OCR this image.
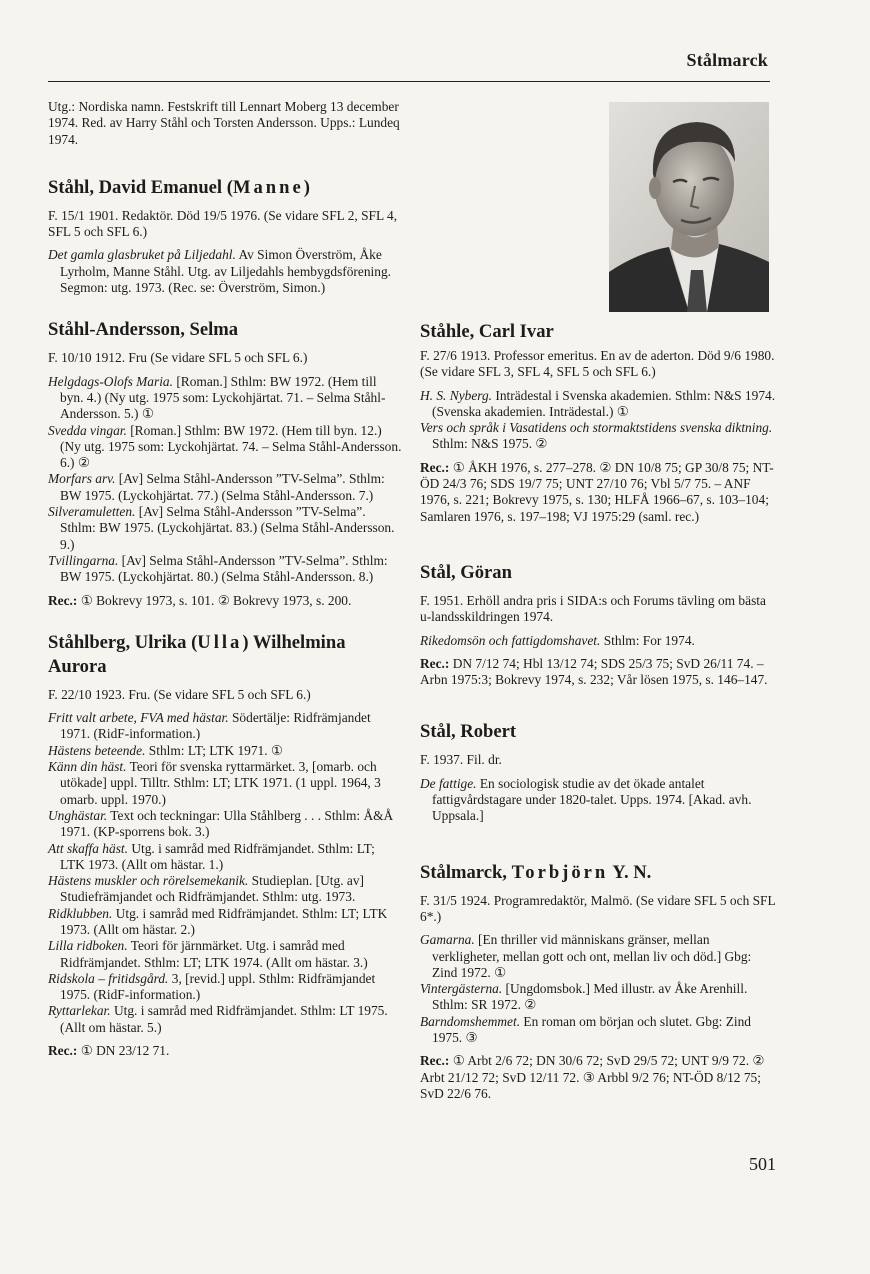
Stålmarck

Utg.: Nordiska namn. Festskrift till Lennart Moberg 13 december 1974. Red. av Harry Ståhl och Torsten Andersson. Upps.: Lundeq 1974.

Ståhl, David Emanuel (Manne)

F. 15/1 1901. Redaktör. Död 19/5 1976. (Se vidare SFL 2, SFL 4, SFL 5 och SFL 6.)

Det gamla glasbruket på Liljedahl. Av Simon Överström, Åke Lyrholm, Manne Ståhl. Utg. av Liljedahls hembygdsförening. Segmon: utg. 1973. (Rec. se: Överström, Simon.)

Ståhl-Andersson, Selma

F. 10/10 1912. Fru (Se vidare SFL 5 och SFL 6.)

Helgdags-Olofs Maria. [Roman.] Sthlm: BW 1972. (Hem till byn. 4.) (Ny utg. 1975 som: Lyckohjärtat. 71. – Selma Ståhl-Andersson. 5.) ①

Svedda vingar. [Roman.] Sthlm: BW 1972. (Hem till byn. 12.) (Ny utg. 1975 som: Lyckohjärtat. 74. – Selma Ståhl-Andersson. 6.) ②

Morfars arv. [Av] Selma Ståhl-Andersson ”TV-Selma”. Sthlm: BW 1975. (Lyckohjärtat. 77.) (Selma Ståhl-Andersson. 7.)

Silveramuletten. [Av] Selma Ståhl-Andersson ”TV-Selma”. Sthlm: BW 1975. (Lyckohjärtat. 83.) (Selma Ståhl-Andersson. 9.)

Tvillingarna. [Av] Selma Ståhl-Andersson ”TV-Selma”. Sthlm: BW 1975. (Lyckohjärtat. 80.) (Selma Ståhl-Andersson. 8.)

Rec.: ① Bokrevy 1973, s. 101. ② Bokrevy 1973, s. 200.

Ståhlberg, Ulrika (Ulla) Wilhelmina Aurora

F. 22/10 1923. Fru. (Se vidare SFL 5 och SFL 6.)

Fritt valt arbete, FVA med hästar. Södertälje: Ridfrämjandet 1971. (RidF-information.)

Hästens beteende. Sthlm: LT; LTK 1971. ①

Känn din häst. Teori för svenska ryttarmärket. 3, [omarb. och utökade] uppl. Tilltr. Sthlm: LT; LTK 1971. (1 uppl. 1964, 3 omarb. uppl. 1970.)

Unghästar. Text och teckningar: Ulla Ståhlberg . . . Sthlm: Å&Å 1971. (KP-sporrens bok. 3.)

Att skaffa häst. Utg. i samråd med Ridfrämjandet. Sthlm: LT; LTK 1973. (Allt om hästar. 1.)

Hästens muskler och rörelsemekanik. Studieplan. [Utg. av] Studiefrämjandet och Ridfrämjandet. Sthlm: utg. 1973.

Ridklubben. Utg. i samråd med Ridfrämjandet. Sthlm: LT; LTK 1973. (Allt om hästar. 2.)

Lilla ridboken. Teori för järnmärket. Utg. i samråd med Ridfrämjandet. Sthlm: LT; LTK 1974. (Allt om hästar. 3.)

Ridskola – fritidsgård. 3, [revid.] uppl. Sthlm: Ridfrämjandet 1975. (RidF-information.)

Ryttarlekar. Utg. i samråd med Ridfrämjandet. Sthlm: LT 1975. (Allt om hästar. 5.)

Rec.: ① DN 23/12 71.

Ståhle, Carl Ivar

F. 27/6 1913. Professor emeritus. En av de aderton. Död 9/6 1980. (Se vidare SFL 3, SFL 4, SFL 5 och SFL 6.)

H. S. Nyberg. Inträdestal i Svenska akademien. Sthlm: N&S 1974. (Svenska akademien. Inträdestal.) ①

Vers och språk i Vasatidens och stormaktstidens svenska diktning. Sthlm: N&S 1975. ②

Rec.: ① ÅKH 1976, s. 277–278. ② DN 10/8 75; GP 30/8 75; NT-ÖD 24/3 76; SDS 19/7 75; UNT 27/10 76; Vbl 5/7 75. – ANF 1976, s. 221; Bokrevy 1975, s. 130; HLFÅ 1966–67, s. 103–104; Samlaren 1976, s. 197–198; VJ 1975:29 (saml. rec.)

Stål, Göran

F. 1951. Erhöll andra pris i SIDA:s och Forums tävling om bästa u-landsskildringen 1974.

Rikedomsön och fattigdomshavet. Sthlm: For 1974.

Rec.: DN 7/12 74; Hbl 13/12 74; SDS 25/3 75; SvD 26/11 74. – Arbn 1975:3; Bokrevy 1974, s. 232; Vår lösen 1975, s. 146–147.

Stål, Robert

F. 1937. Fil. dr.

De fattige. En sociologisk studie av det ökade antalet fattigvårdstagare under 1820-talet. Upps. 1974. [Akad. avh. Uppsala.]

Stålmarck, Torbjörn Y. N.

F. 31/5 1924. Programredaktör, Malmö. (Se vidare SFL 5 och SFL 6*.)

Gamarna. [En thriller vid människans gränser, mellan verkligheter, mellan gott och ont, mellan liv och död.] Gbg: Zind 1972. ①

Vintergästerna. [Ungdomsbok.] Med illustr. av Åke Arenhill. Sthlm: SR 1972. ②

Barndomshemmet. En roman om början och slutet. Gbg: Zind 1975. ③

Rec.: ① Arbt 2/6 72; DN 30/6 72; SvD 29/5 72; UNT 9/9 72. ② Arbt 21/12 72; SvD 12/11 72. ③ Arbbl 9/2 76; NT-ÖD 8/12 75; SvD 22/6 76.

501
